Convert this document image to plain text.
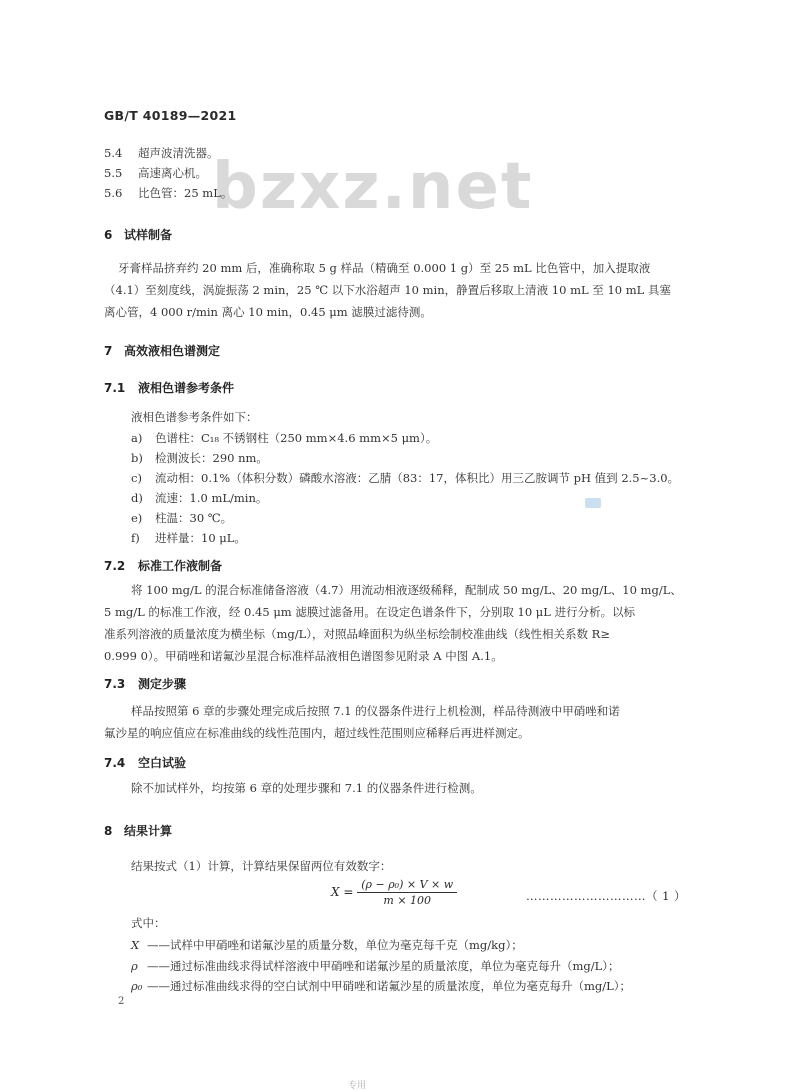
GB/T 40189—2021
bzxz.net
5.4 超声波清洗器。
5.5 高速离心机。
5.6 比色管：25 mL。
6 试样制备
牙膏样品挤弃约 20 mm 后，准确称取 5 g 样品（精确至 0.000 1 g）至 25 mL 比色管中，加入提取液
（4.1）至刻度线，涡旋振荡 2 min，25 ℃ 以下水浴超声 10 min，静置后移取上清液 10 mL 至 10 mL 具塞
离心管，4 000 r/min 离心 10 min，0.45 μm 滤膜过滤待测。
7 高效液相色谱测定
7.1 液相色谱参考条件
液相色谱参考条件如下：
a) 色谱柱：C₁₈ 不锈钢柱（250 mm×4.6 mm×5 μm）。
b) 检测波长：290 nm。
c) 流动相：0.1%（体积分数）磷酸水溶液：乙腈（83：17，体积比）用三乙胺调节 pH 值到 2.5~3.0。
d) 流速：1.0 mL/min。
e) 柱温：30 ℃。
f) 进样量：10 μL。
7.2 标准工作液制备
将 100 mg/L 的混合标准储备溶液（4.7）用流动相液逐级稀释，配制成 50 mg/L、20 mg/L、10 mg/L、
5 mg/L 的标准工作液，经 0.45 μm 滤膜过滤备用。在设定色谱条件下，分别取 10 μL 进行分析。以标
准系列溶液的质量浓度为横坐标（mg/L），对照品峰面积为纵坐标绘制校准曲线（线性相关系数 R≥
0.999 0）。甲硝唑和诺氟沙星混合标准样品液相色谱图参见附录 A 中图 A.1。
7.3 测定步骤
样品按照第 6 章的步骤处理完成后按照 7.1 的仪器条件进行上机检测，样品待测液中甲硝唑和诺
氟沙星的响应值应在标准曲线的线性范围内，超过线性范围则应稀释后再进样测定。
7.4 空白试验
除不加试样外，均按第 6 章的处理步骤和 7.1 的仪器条件进行检测。
8 结果计算
结果按式（1）计算，计算结果保留两位有效数字：
$X = \frac{\text{(ρ − ρ₀) × V × w}}{m \times 100}$	…………………………（ 1 ）
式中：
X ——试样中甲硝唑和诺氟沙星的质量分数，单位为毫克每千克（mg/kg）；
ρ ——通过标准曲线求得试样溶液中甲硝唑和诺氟沙星的质量浓度，单位为毫克每升（mg/L）；
ρ₀ ——通过标准曲线求得的空白试剂中甲硝唑和诺氟沙星的质量浓度，单位为毫克每升（mg/L）；
2
专用
